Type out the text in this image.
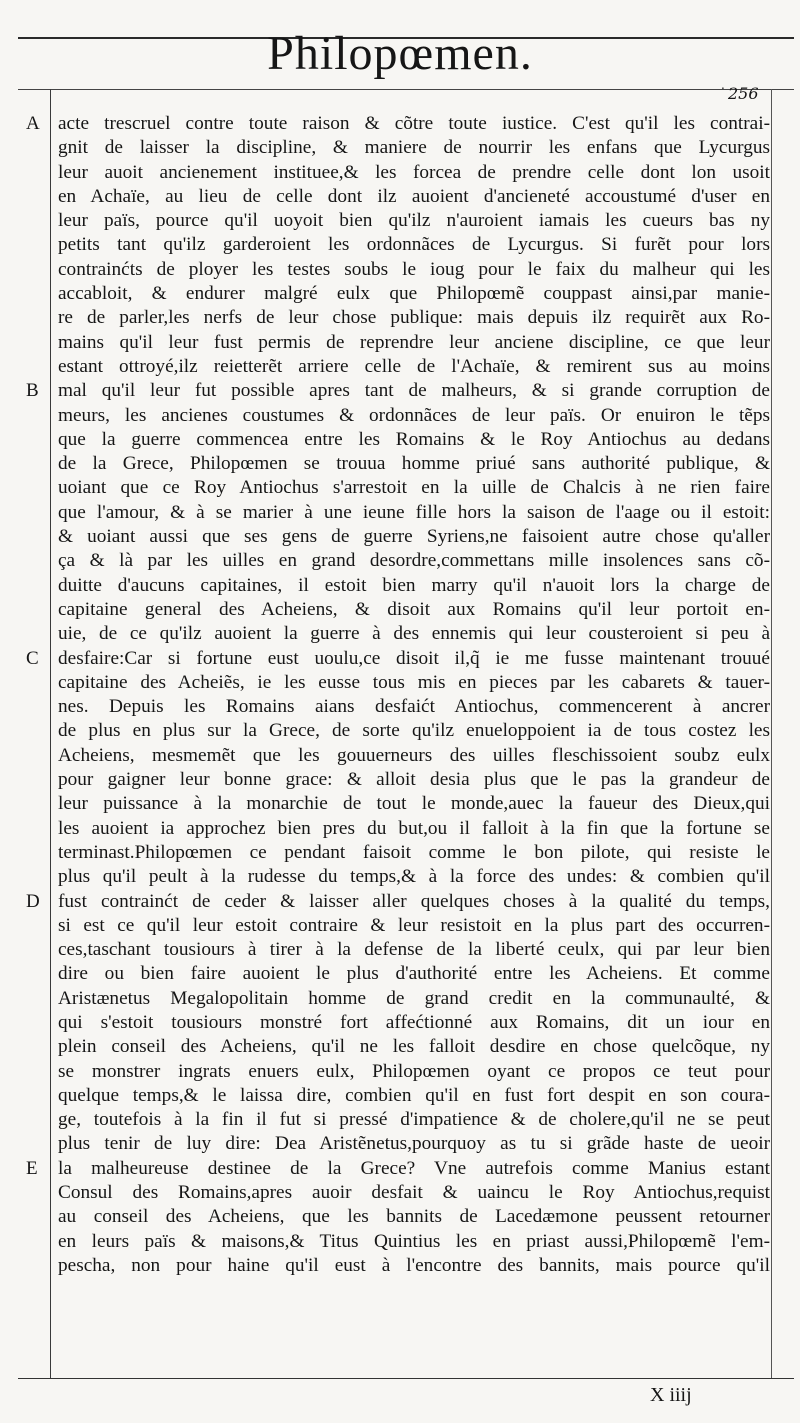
Philopœmen.
. 256
A
B
C
D
E
acte trescruel contre toute raison & cõtre toute iustice. C'est qu'il les contrai-
gnit de laisser la discipline, & maniere de nourrir les enfans que Lycurgus
leur auoit ancienement instituee,& les forcea de prendre celle dont lon usoit
en Achaïe, au lieu de celle dont ilz auoient d'ancieneté accoustumé d'user en
leur païs, pource qu'il uoyoit bien qu'ilz n'auroient iamais les cueurs bas ny
petits tant qu'ilz garderoient les ordonnãces de Lycurgus. Si furẽt pour lors
contrainćts de ployer les testes soubs le ioug pour le faix du malheur qui les
accabloit, & endurer malgré eulx que Philopœmẽ couppast ainsi,par manie-
re de parler,les nerfs de leur chose publique: mais depuis ilz requirẽt aux Ro-
mains qu'il leur fust permis de reprendre leur anciene discipline, ce que leur
estant ottroyé,ilz reietterẽt arriere celle de l'Achaïe, & remirent sus au moins
mal qu'il leur fut possible apres tant de malheurs, & si grande corruption de
meurs, les ancienes coustumes & ordonnãces de leur païs. Or enuiron le tẽps
que la guerre commencea entre les Romains & le Roy Antiochus au dedans
de la Grece, Philopœmen se trouua homme priué sans authorité publique, &
uoiant que ce Roy Antiochus s'arrestoit en la uille de Chalcis à ne rien faire
que l'amour, & à se marier à une ieune fille hors la saison de l'aage ou il estoit:
& uoiant aussi que ses gens de guerre Syriens,ne faisoient autre chose qu'aller
ça & là par les uilles en grand desordre,commettans mille insolences sans cõ-
duitte d'aucuns capitaines, il estoit bien marry qu'il n'auoit lors la charge de
capitaine general des Acheiens, & disoit aux Romains qu'il leur portoit en-
uie, de ce qu'ilz auoient la guerre à des ennemis qui leur cousteroient si peu à
desfaire:Car si fortune eust uoulu,ce disoit il,q̃ ie me fusse maintenant trouué
capitaine des Acheiẽs, ie les eusse tous mis en pieces par les cabarets & tauer-
nes. Depuis les Romains aians desfaićt Antiochus, commencerent à ancrer
de plus en plus sur la Grece, de sorte qu'ilz enueloppoient ia de tous costez les
Acheiens, mesmemẽt que les gouuerneurs des uilles fleschissoient soubz eulx
pour gaigner leur bonne grace: & alloit desia plus que le pas la grandeur de
leur puissance à la monarchie de tout le monde,auec la faueur des Dieux,qui
les auoient ia approchez bien pres du but,ou il falloit à la fin que la fortune se
terminast.Philopœmen ce pendant faisoit comme le bon pilote, qui resiste le
plus qu'il peult à la rudesse du temps,& à la force des undes: & combien qu'il
fust contrainćt de ceder & laisser aller quelques choses à la qualité du temps,
si est ce qu'il leur estoit contraire & leur resistoit en la plus part des occurren-
ces,taschant tousiours à tirer à la defense de la liberté ceulx, qui par leur bien
dire ou bien faire auoient le plus d'authorité entre les Acheiens. Et comme
Aristænetus Megalopolitain homme de grand credit en la communaulté, &
qui s'estoit tousiours monstré fort affećtionné aux Romains, dit un iour en
plein conseil des Acheiens, qu'il ne les falloit desdire en chose quelcõque, ny
se monstrer ingrats enuers eulx, Philopœmen oyant ce propos ce teut pour
quelque temps,& le laissa dire, combien qu'il en fust fort despit en son coura-
ge, toutefois à la fin il fut si pressé d'impatience & de cholere,qu'il ne se peut
plus tenir de luy dire: Dea Aristẽnetus,pourquoy as tu si grãde haste de ueoir
la malheureuse destinee de la Grece? Vne autrefois comme Manius estant
Consul des Romains,apres auoir desfait & uaincu le Roy Antiochus,requist
au conseil des Acheiens, que les bannits de Lacedæmone peussent retourner
en leurs païs & maisons,& Titus Quintius les en priast aussi,Philopœmẽ l'em-
pescha, non pour haine qu'il eust à l'encontre des bannits, mais pource qu'il
X iiij
